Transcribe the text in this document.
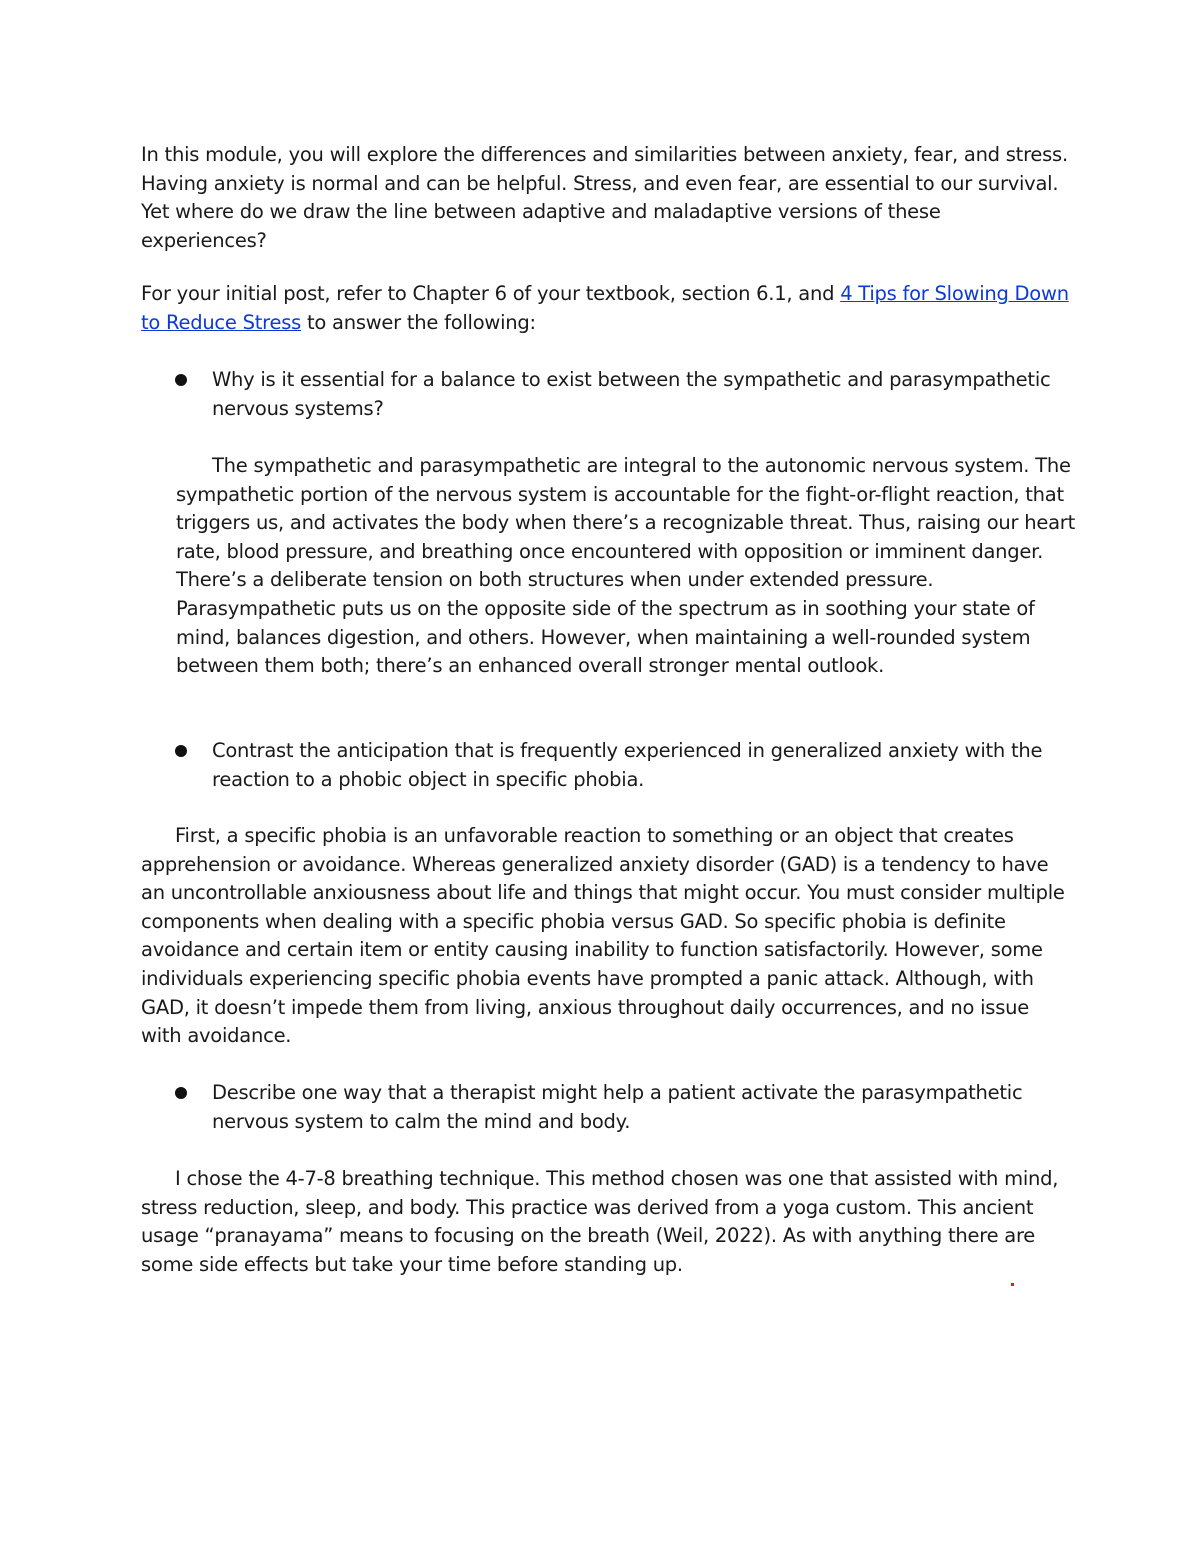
In this module, you will explore the differences and similarities between anxiety, fear, and stress. Having anxiety is normal and can be helpful. Stress, and even fear, are essential to our survival. Yet where do we draw the line between adaptive and maladaptive versions of these experiences?

For your initial post, refer to Chapter 6 of your textbook, section 6.1, and 4 Tips for Slowing Down to Reduce Stress to answer the following:

Why is it essential for a balance to exist between the sympathetic and parasympathetic nervous systems?

The sympathetic and parasympathetic are integral to the autonomic nervous system. The sympathetic portion of the nervous system is accountable for the fight-or-flight reaction, that triggers us, and activates the body when there’s a recognizable threat. Thus, raising our heart rate, blood pressure, and breathing once encountered with opposition or imminent danger. There’s a deliberate tension on both structures when under extended pressure. Parasympathetic puts us on the opposite side of the spectrum as in soothing your state of mind, balances digestion, and others. However, when maintaining a well-rounded system between them both; there’s an enhanced overall stronger mental outlook.

Contrast the anticipation that is frequently experienced in generalized anxiety with the reaction to a phobic object in specific phobia.

First, a specific phobia is an unfavorable reaction to something or an object that creates apprehension or avoidance. Whereas generalized anxiety disorder (GAD) is a tendency to have an uncontrollable anxiousness about life and things that might occur. You must consider multiple components when dealing with a specific phobia versus GAD. So specific phobia is definite avoidance and certain item or entity causing inability to function satisfactorily. However, some individuals experiencing specific phobia events have prompted a panic attack. Although, with GAD, it doesn’t impede them from living, anxious throughout daily occurrences, and no issue with avoidance.

Describe one way that a therapist might help a patient activate the parasympathetic nervous system to calm the mind and body.

I chose the 4-7-8 breathing technique. This method chosen was one that assisted with mind, stress reduction, sleep, and body. This practice was derived from a yoga custom. This ancient usage “pranayama” means to focusing on the breath (Weil, 2022). As with anything there are some side effects but take your time before standing up.
